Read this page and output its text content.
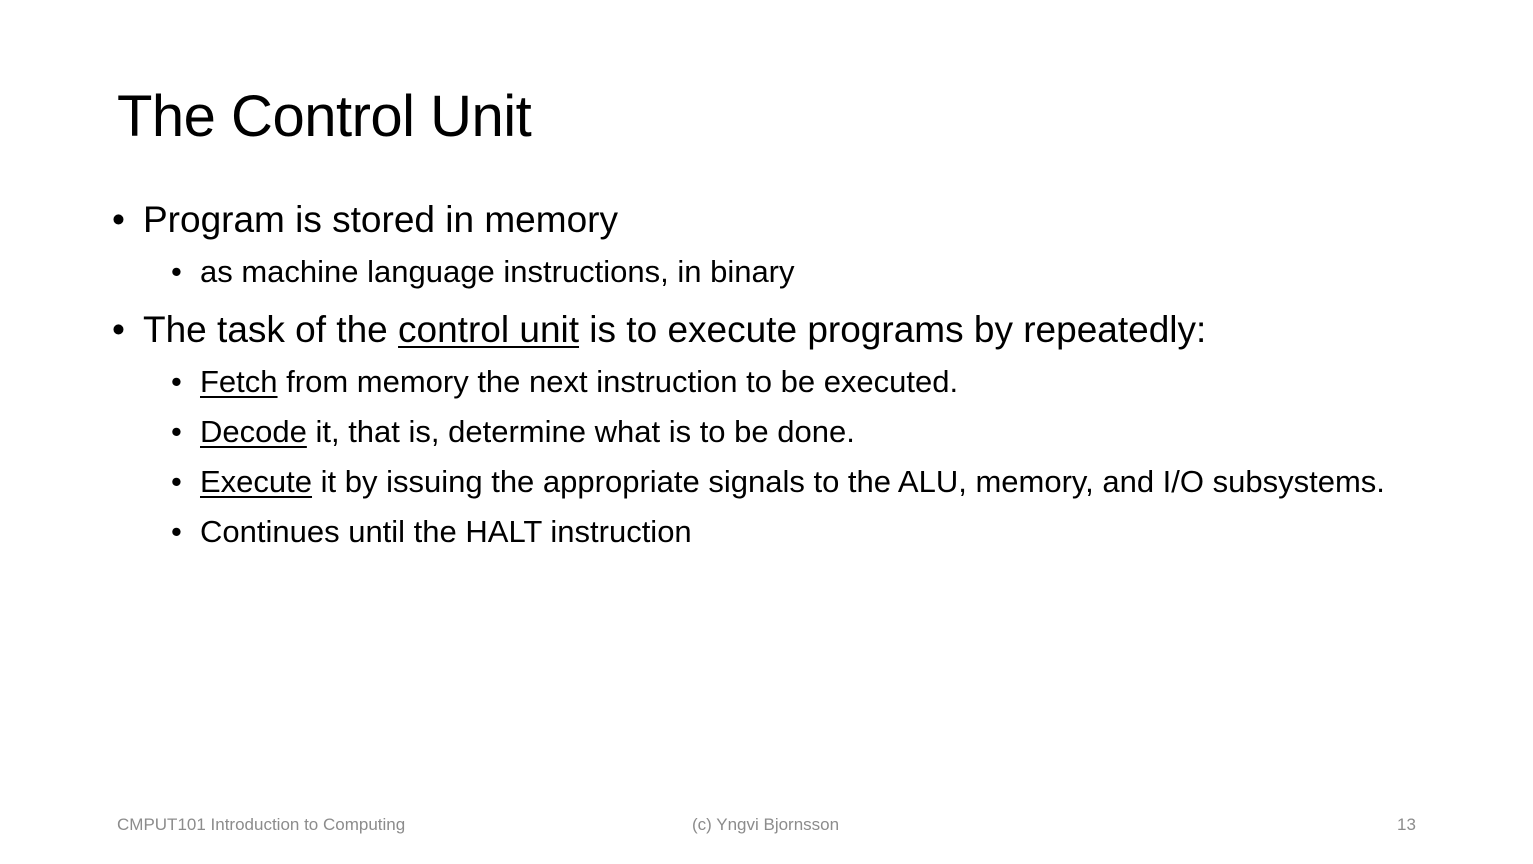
The Control Unit
• Program is stored in memory
• as machine language instructions, in binary
• The task of the control unit is to execute programs by repeatedly:
• Fetch from memory the next instruction to be executed.
• Decode it, that is, determine what is to be done.
• Execute it by issuing the appropriate signals to the ALU, memory, and I/O subsystems.
• Continues until the HALT instruction
CMPUT101 Introduction to Computing	(c) Yngvi Bjornsson	13
